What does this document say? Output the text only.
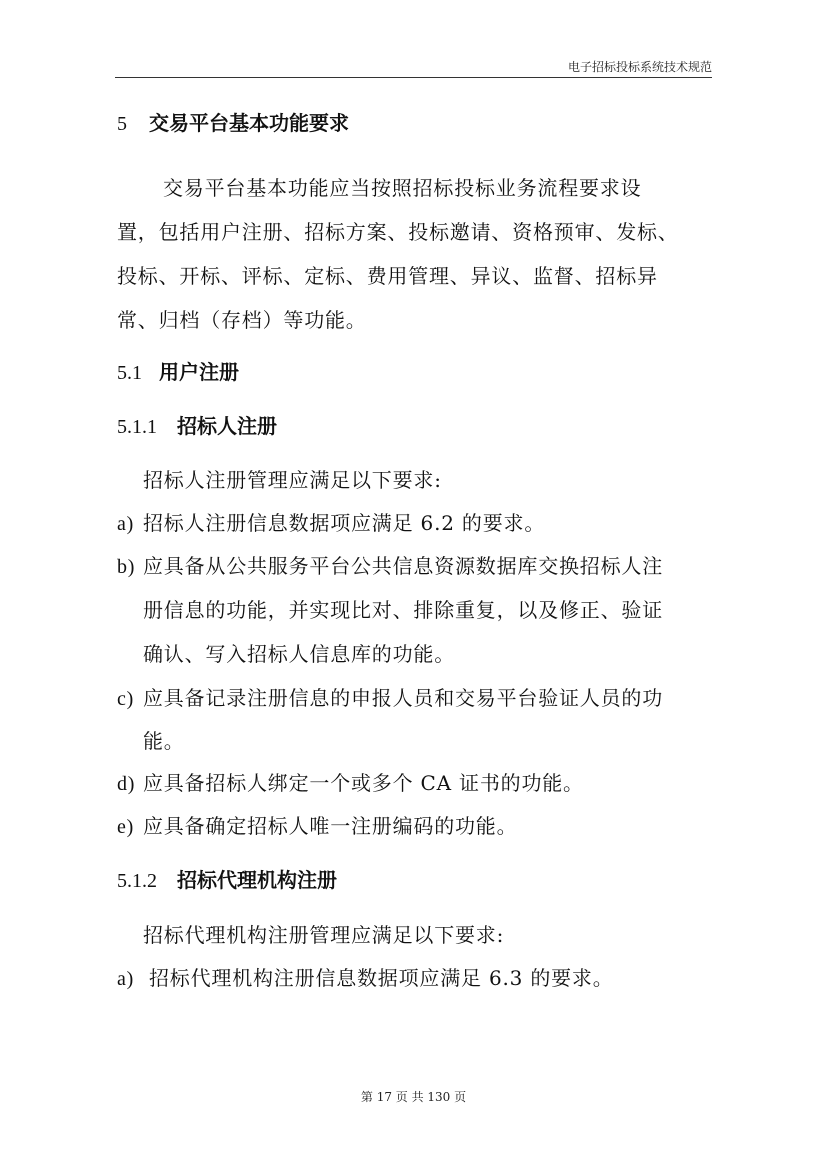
电子招标投标系统技术规范
5 交易平台基本功能要求
交易平台基本功能应当按照招标投标业务流程要求设
置，包括用户注册、招标方案、投标邀请、资格预审、发标、
投标、开标、评标、定标、费用管理、异议、监督、招标异
常、归档（存档）等功能。
5.1 用户注册
5.1.1 招标人注册
招标人注册管理应满足以下要求:
a) 招标人注册信息数据项应满足 6.2 的要求。
b) 应具备从公共服务平台公共信息资源数据库交换招标人注
册信息的功能，并实现比对、排除重复，以及修正、验证
确认、写入招标人信息库的功能。
c) 应具备记录注册信息的申报人员和交易平台验证人员的功
能。
d) 应具备招标人绑定一个或多个 CA 证书的功能。
e) 应具备确定招标人唯一注册编码的功能。
5.1.2 招标代理机构注册
招标代理机构注册管理应满足以下要求:
a) 招标代理机构注册信息数据项应满足 6.3 的要求。
第 17 页 共 130 页
